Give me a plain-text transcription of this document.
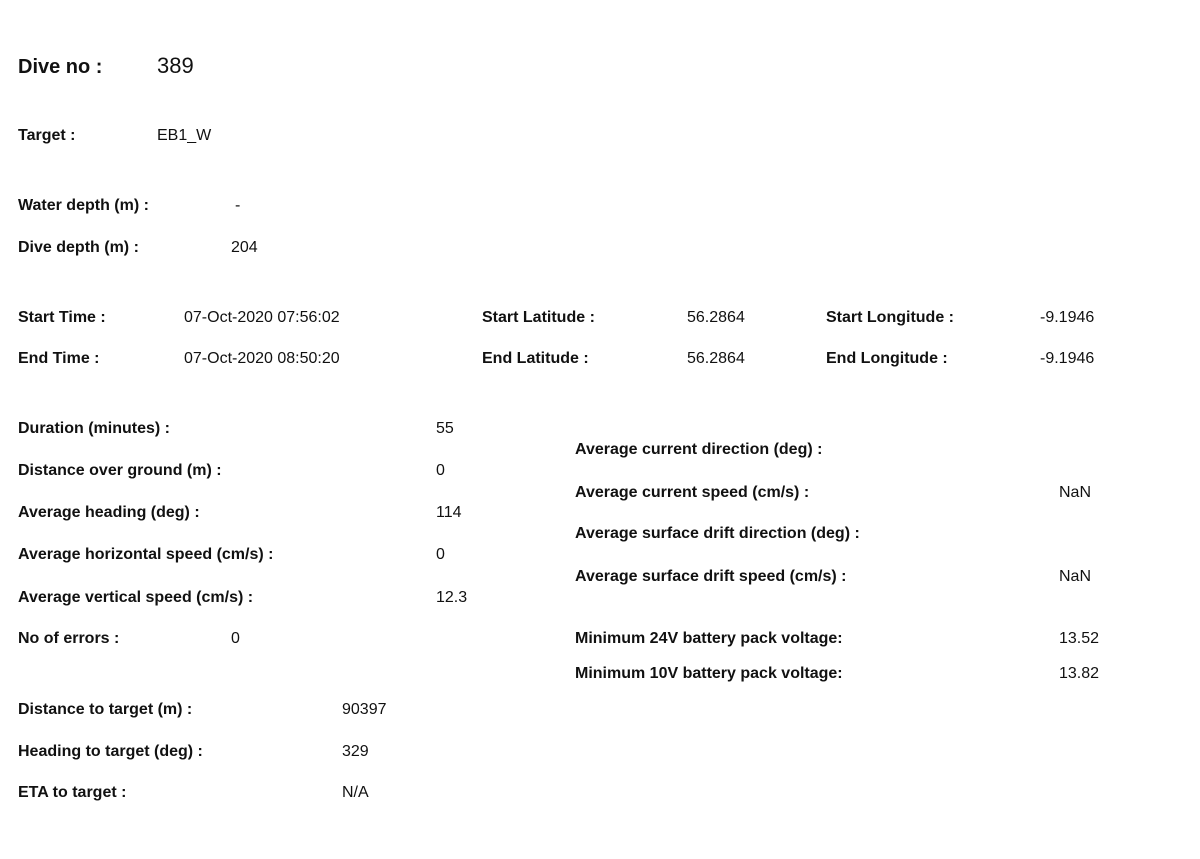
Dive no : 389
Target :	EB1_W
Water depth (m) :	-
Dive depth (m) :	204
Start Time :	07-Oct-2020 07:56:02	Start Latitude :	56.2864	Start Longitude :	-9.1946
End Time :	07-Oct-2020 08:50:20	End Latitude :	56.2864	End Longitude :	-9.1946
Duration (minutes) :	55
Distance over ground (m) :	0
Average heading (deg) :	114
Average horizontal speed (cm/s) :	0
Average vertical speed (cm/s) :	12.3
No of errors :	0
Average current direction (deg) :
Average current speed (cm/s) :	NaN
Average surface drift direction (deg) :
Average surface drift speed (cm/s) :	NaN
Minimum 24V battery pack voltage:	13.52
Minimum 10V battery pack voltage:	13.82
Distance to target (m) :	90397
Heading to target (deg) :	329
ETA to target :	N/A
